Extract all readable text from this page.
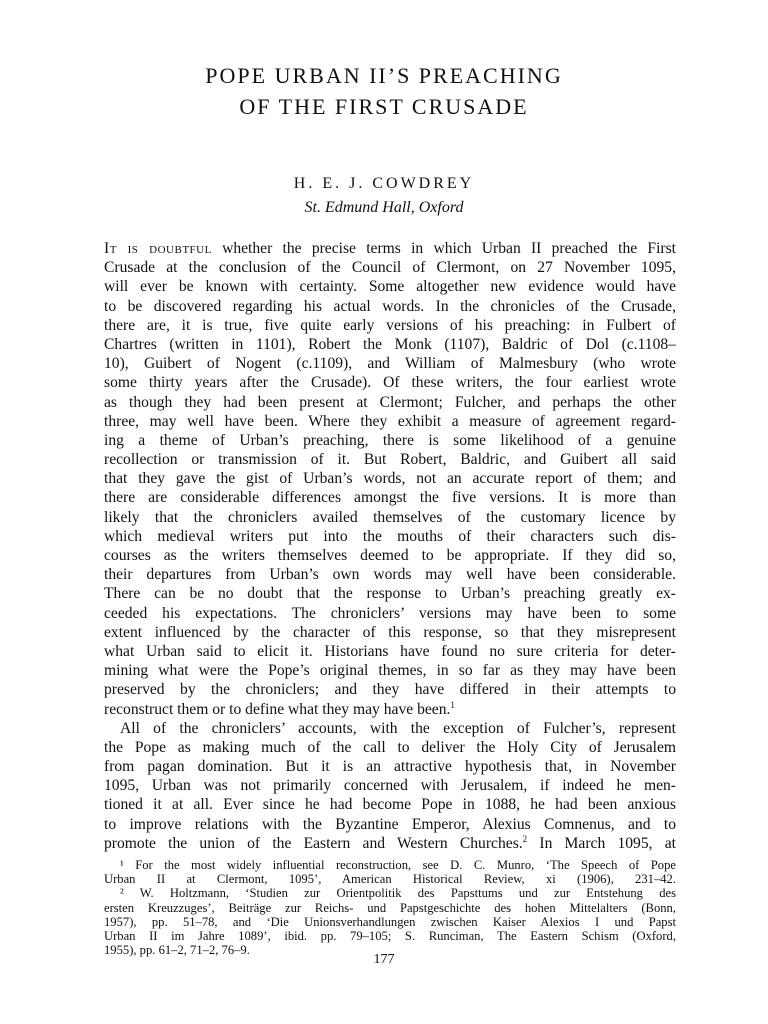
POPE URBAN II’S PREACHING
OF THE FIRST CRUSADE
H. E. J. COWDREY
St. Edmund Hall, Oxford
It is doubtful whether the precise terms in which Urban II preached the First
Crusade at the conclusion of the Council of Clermont, on 27 November 1095,
will ever be known with certainty. Some altogether new evidence would have
to be discovered regarding his actual words. In the chronicles of the Crusade,
there are, it is true, five quite early versions of his preaching: in Fulbert of
Chartres (written in 1101), Robert the Monk (1107), Baldric of Dol (c.1108–
10), Guibert of Nogent (c.1109), and William of Malmesbury (who wrote
some thirty years after the Crusade). Of these writers, the four earliest wrote
as though they had been present at Clermont; Fulcher, and perhaps the other
three, may well have been. Where they exhibit a measure of agreement regard-
ing a theme of Urban’s preaching, there is some likelihood of a genuine
recollection or transmission of it. But Robert, Baldric, and Guibert all said
that they gave the gist of Urban’s words, not an accurate report of them; and
there are considerable differences amongst the five versions. It is more than
likely that the chroniclers availed themselves of the customary licence by
which medieval writers put into the mouths of their characters such dis-
courses as the writers themselves deemed to be appropriate. If they did so,
their departures from Urban’s own words may well have been considerable.
There can be no doubt that the response to Urban’s preaching greatly ex-
ceeded his expectations. The chroniclers’ versions may have been to some
extent influenced by the character of this response, so that they misrepresent
what Urban said to elicit it. Historians have found no sure criteria for deter-
mining what were the Pope’s original themes, in so far as they may have been
preserved by the chroniclers; and they have differed in their attempts to
reconstruct them or to define what they may have been.$^1$
All of the chroniclers’ accounts, with the exception of Fulcher’s, represent
the Pope as making much of the call to deliver the Holy City of Jerusalem
from pagan domination. But it is an attractive hypothesis that, in November
1095, Urban was not primarily concerned with Jerusalem, if indeed he men-
tioned it at all. Ever since he had become Pope in 1088, he had been anxious
to improve relations with the Byzantine Emperor, Alexius Comnenus, and to
promote the union of the Eastern and Western Churches.$^2$ In March 1095, at
¹ For the most widely influential reconstruction, see D. C. Munro, ‘The Speech of Pope
Urban II at Clermont, 1095’, American Historical Review, xi (1906), 231–42.
² W. Holtzmann, ‘Studien zur Orientpolitik des Papsttums und zur Entstehung des
ersten Kreuzzuges’, Beiträge zur Reichs- und Papstgeschichte des hohen Mittelalters (Bonn,
1957), pp. 51–78, and ‘Die Unionsverhandlungen zwischen Kaiser Alexios I und Papst
Urban II im Jahre 1089’, ibid. pp. 79–105; S. Runciman, The Eastern Schism (Oxford,
1955), pp. 61–2, 71–2, 76–9.
177
